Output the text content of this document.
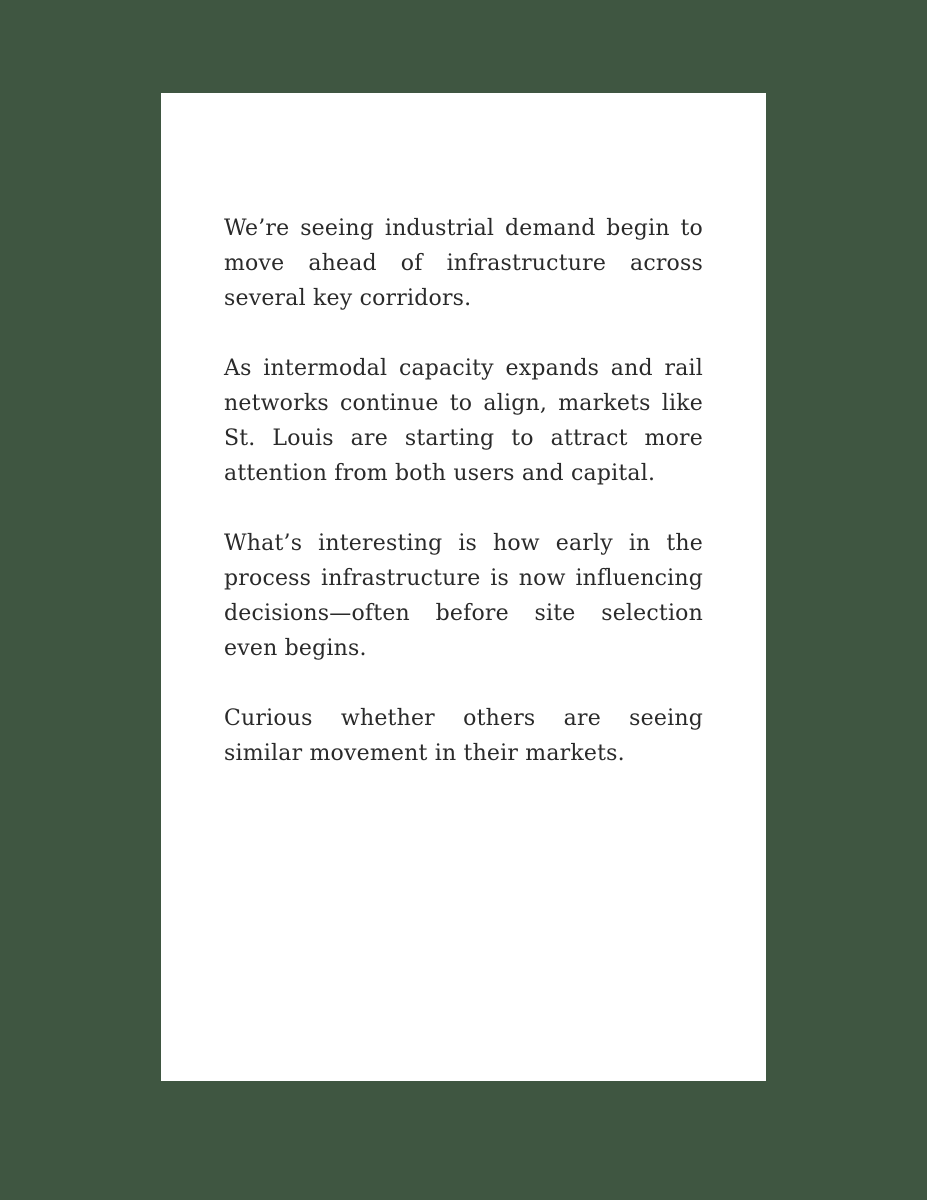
We’re seeing industrial demand begin to move ahead of infrastructure across several key corridors.

As intermodal capacity expands and rail networks continue to align, markets like St. Louis are starting to attract more attention from both users and capital.

What’s interesting is how early in the process infrastructure is now influencing decisions—often before site selection even begins.

Curious whether others are seeing similar movement in their markets.
